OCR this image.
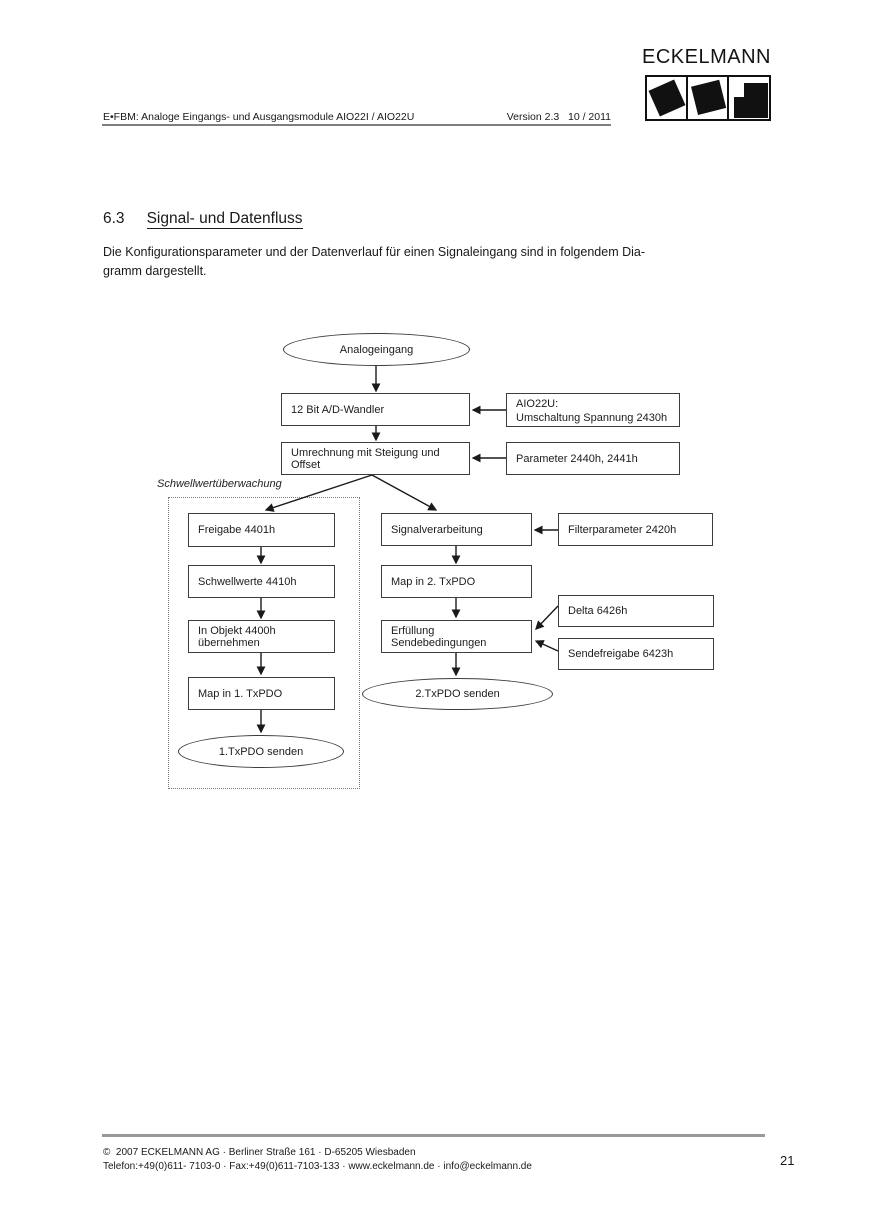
E•FBM: Analoge Eingangs- und Ausgangsmodule AIO22I / AIO22U	Version 2.3   10 / 2011
ECKELMANN
6.3 Signal- und Datenfluss
Die Konfigurationsparameter und der Datenverlauf für einen Signaleingang sind in folgendem Dia-
gramm dargestellt.
Schwellwertüberwachung
Analogeingang
12 Bit A/D-Wandler	AIO22U:
Umschaltung Spannung 2430h
Umrechnung mit Steigung und Offset	Parameter 2440h, 2441h
Freigabe 4401h
Schwellwerte 4410h
In Objekt 4400h übernehmen
Map in 1. TxPDO
1.TxPDO senden
Signalverarbeitung	Filterparameter 2420h
Map in 2. TxPDO
Delta 6426h
Erfüllung Sendebedingungen
Sendefreigabe 6423h
2.TxPDO senden
©  2007 ECKELMANN AG · Berliner Straße 161 · D-65205 Wiesbaden
Telefon:+49(0)611- 7103-0 · Fax:+49(0)611-7103-133 · www.eckelmann.de · info@eckelmann.de	21
